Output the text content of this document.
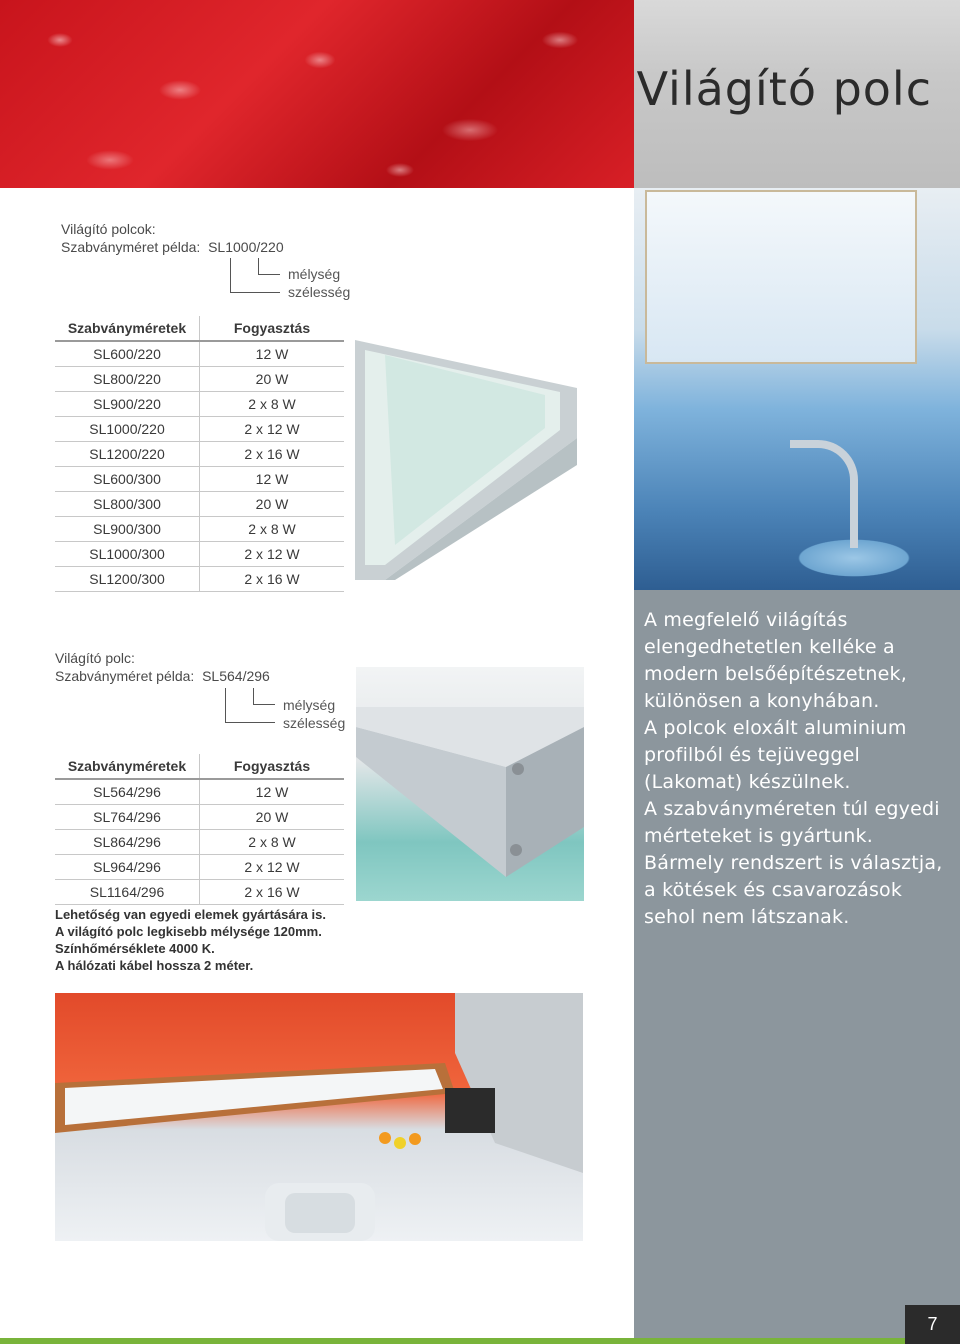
Világító polc
A megfelelő világítás
elengedhetetlen kelléke a
modern belsőépítészetnek,
különösen a konyhában.
A polcok eloxált aluminium
profilból és tejüveggel
(Lakomat) készülnek.
A szabványméreten túl egyedi
mérteteket is gyártunk.
Bármely rendszert is választja,
a kötések és csavarozások
sehol nem látszanak.
Világító polcok:
Szabványméret példa:  SL1000/220
mélység
szélesség
Szabványméretek	Fogyasztás
SL600/220	12 W
SL800/220	20 W
SL900/220	2 x 8 W
SL1000/220	2 x 12 W
SL1200/220	2 x 16 W
SL600/300	12 W
SL800/300	20 W
SL900/300	2 x 8 W
SL1000/300	2 x 12 W
SL1200/300	2 x 16 W
Világító polc:
Szabványméret példa:  SL564/296
mélység
szélesség
Szabványméretek	Fogyasztás
SL564/296	12 W
SL764/296	20 W
SL864/296	2 x 8 W
SL964/296	2 x 12 W
SL1164/296	2 x 16 W
Lehetőség van egyedi elemek gyártására is.
A világító polc legkisebb mélysége 120mm.
Színhőmérséklete 4000 K.
A hálózati kábel hossza 2 méter.
7
